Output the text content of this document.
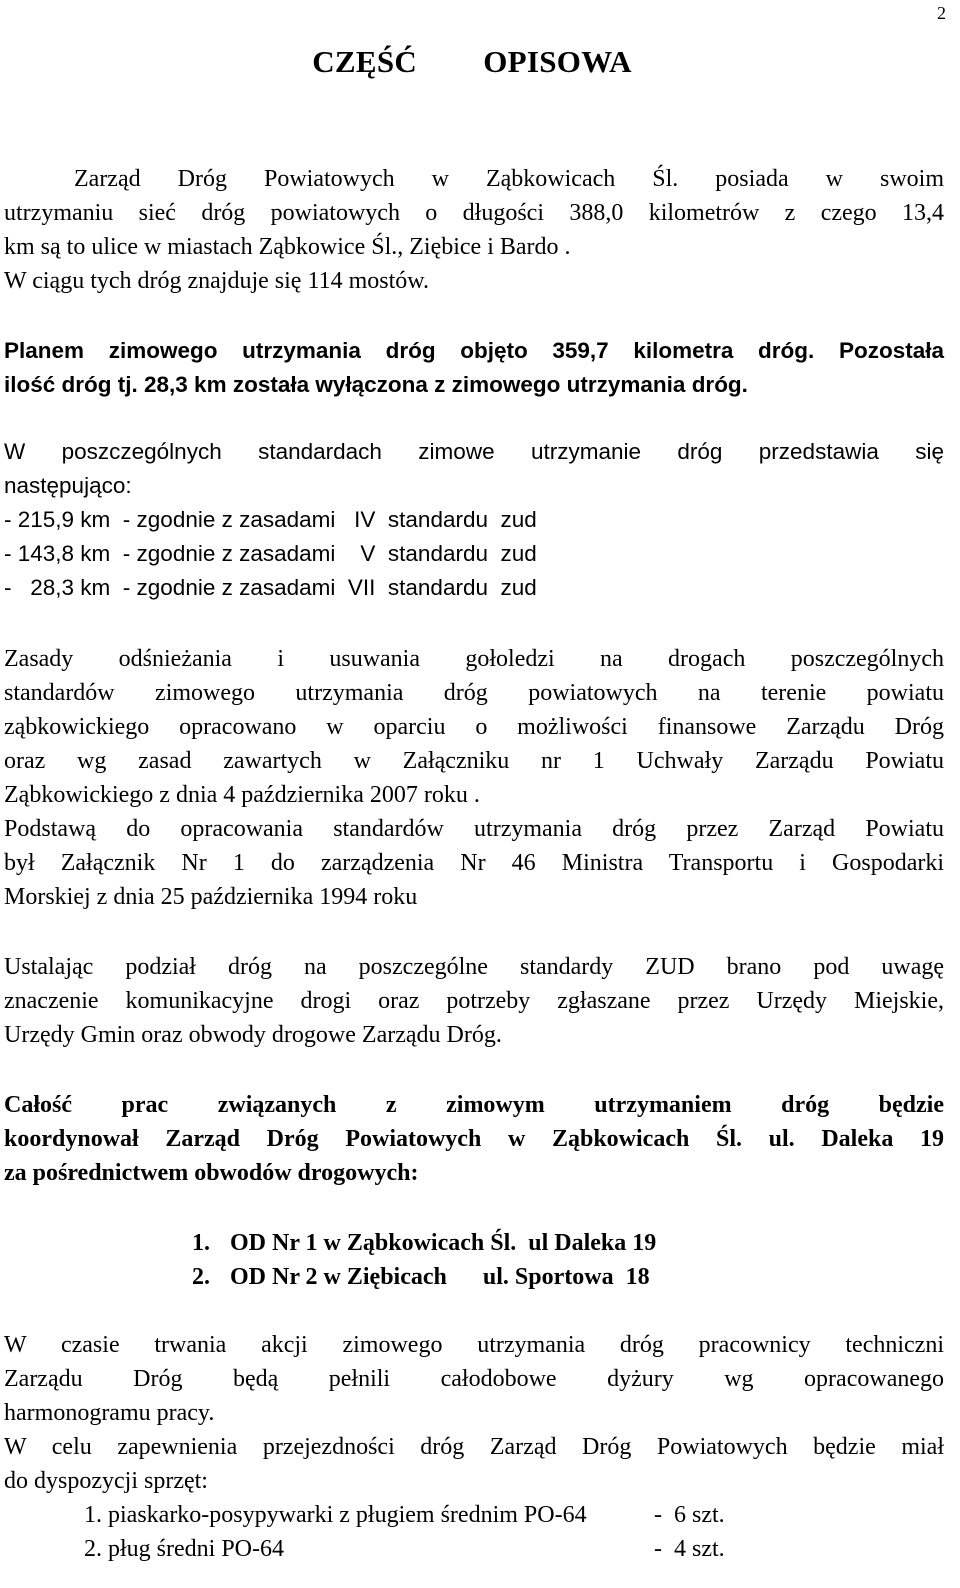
2
CZĘŚĆ   OPISOWA

Zarząd Dróg Powiatowych w Ząbkowicach Śl. posiada w swoim

utrzymaniu sieć dróg powiatowych o długości 388,0 kilometrów z czego 13,4

km są to ulice w miastach Ząbkowice Śl., Ziębice i Bardo .

W ciągu tych dróg znajduje się 114 mostów.

Planem zimowego utrzymania dróg objęto 359,7 kilometra dróg. Pozostała

ilość dróg tj. 28,3 km została wyłączona z zimowego utrzymania dróg.

W poszczególnych standardach zimowe utrzymanie dróg przedstawia się

następująco:

- 215,9 km  - zgodnie z zasadami   IV  standardu  zud

- 143,8 km  - zgodnie z zasadami    V  standardu  zud

-   28,3 km  - zgodnie z zasadami  VII  standardu  zud

Zasady odśnieżania i usuwania gołoledzi na drogach poszczególnych

standardów zimowego utrzymania dróg powiatowych na terenie powiatu

ząbkowickiego opracowano w oparciu o możliwości finansowe Zarządu Dróg

oraz wg zasad zawartych w Załączniku nr 1 Uchwały Zarządu Powiatu

Ząbkowickiego z dnia 4 października 2007 roku .

Podstawą do opracowania standardów utrzymania dróg przez Zarząd Powiatu

był Załącznik Nr 1 do zarządzenia Nr 46 Ministra Transportu i Gospodarki

Morskiej z dnia 25 października 1994 roku

Ustalając podział dróg na poszczególne standardy ZUD brano pod uwagę

znaczenie komunikacyjne drogi oraz potrzeby zgłaszane przez Urzędy Miejskie,

Urzędy Gmin oraz obwody drogowe Zarządu Dróg.

Całość prac związanych z zimowym utrzymaniem dróg będzie

koordynował Zarząd Dróg Powiatowych w Ząbkowicach Śl. ul. Daleka 19

za pośrednictwem obwodów drogowych:

1. OD Nr 1 w Ząbkowicach Śl.  ul Daleka 19
2. OD Nr 2 w Ziębicach      ul. Sportowa  18

W czasie trwania akcji zimowego utrzymania dróg pracownicy techniczni

Zarządu Dróg będą pełnili całodobowe dyżury wg opracowanego

harmonogramu pracy.

W celu zapewnienia przejezdności dróg Zarząd Dróg Powiatowych będzie miał

do dyspozycji sprzęt:

1. piaskarko-posypywarki z pługiem średnim PO-64	-  6 szt.
2. pług średni PO-64	-  4 szt.
